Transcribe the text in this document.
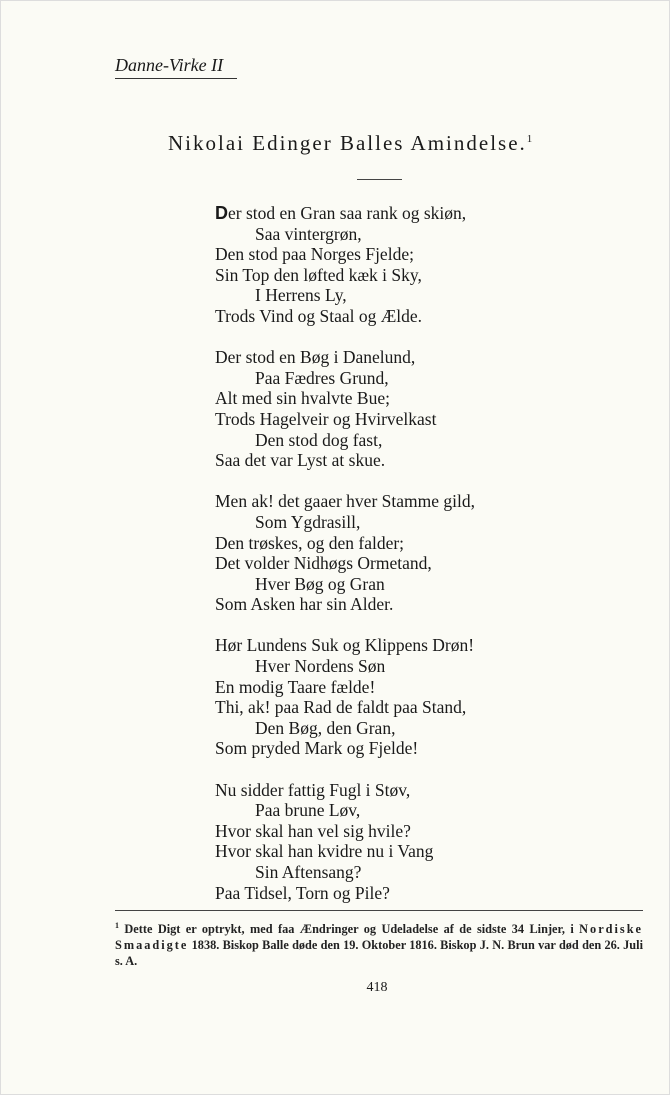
Danne-Virke II
Nikolai Edinger Balles Amindelse.$^1$
Der stod en Gran saa rank og skiøn,
Saa vintergrøn,
Den stod paa Norges Fjelde;
Sin Top den løfted kæk i Sky,
I Herrens Ly,
Trods Vind og Staal og Ælde.
Der stod en Bøg i Danelund,
Paa Fædres Grund,
Alt med sin hvalvte Bue;
Trods Hagelveir og Hvirvelkast
Den stod dog fast,
Saa det var Lyst at skue.
Men ak! det gaaer hver Stamme gild,
Som Ygdrasill,
Den trøskes, og den falder;
Det volder Nidhøgs Ormetand,
Hver Bøg og Gran
Som Asken har sin Alder.
Hør Lundens Suk og Klippens Drøn!
Hver Nordens Søn
En modig Taare fælde!
Thi, ak! paa Rad de faldt paa Stand,
Den Bøg, den Gran,
Som pryded Mark og Fjelde!
Nu sidder fattig Fugl i Støv,
Paa brune Løv,
Hvor skal han vel sig hvile?
Hvor skal han kvidre nu i Vang
Sin Aftensang?
Paa Tidsel, Torn og Pile?
$^1$ Dette Digt er optrykt, med faa Ændringer og Udeladelse af de sidste 34 Linjer, i Nordiske Smaadigte 1838. Biskop Balle døde den 19. Oktober 1816. Biskop J. N. Brun var død den 26. Juli s. A.
418
